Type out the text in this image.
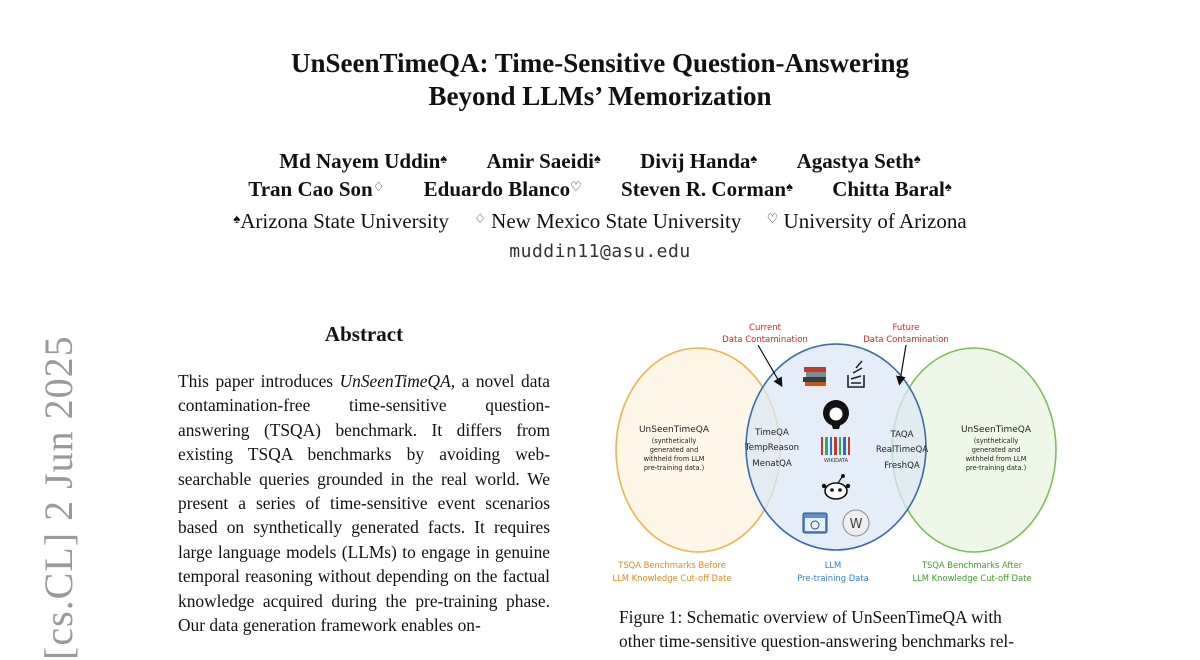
UnSeenTimeQA: Time-Sensitive Question-Answering
Beyond LLMs’ Memorization
Md Nayem Uddin♠ Amir Saeidi♠ Divij Handa♠ Agastya Seth♠
Tran Cao Son♢ Eduardo Blanco♡ Steven R. Corman♠ Chitta Baral♠
♠Arizona State University ♢ New Mexico State University ♡ University of Arizona
muddin11@asu.edu
[cs.CL] 2 Jun 2025
Abstract
This paper introduces UnSeenTimeQA, a novel data contamination-free time-sensitive question-answering (TSQA) benchmark. It differs from existing TSQA benchmarks by avoiding web-searchable queries grounded in the real world. We present a series of time-sensitive event scenarios based on synthetically generated facts. It requires large language models (LLMs) to engage in genuine temporal reasoning without depending on the factual knowledge acquired during the pre-training phase. Our data generation framework enables on-
Current
Data Contamination
Future
Data Contamination
UnSeenTimeQA
(synthetically
generated and
withheld from LLM
pre-training data.)
UnSeenTimeQA
(synthetically
generated and
withheld from LLM
pre-training data.)
TimeQA
TempReason
MenatQA
TAQA
RealTimeQA
FreshQA
WIKIDATA
W
TSQA Benchmarks Before
LLM Knowledge Cut-off Date
LLM
Pre-training Data
TSQA Benchmarks After
LLM Knowledge Cut-off Date
Figure 1: Schematic overview of UnSeenTimeQA with
other time-sensitive question-answering benchmarks rel-
